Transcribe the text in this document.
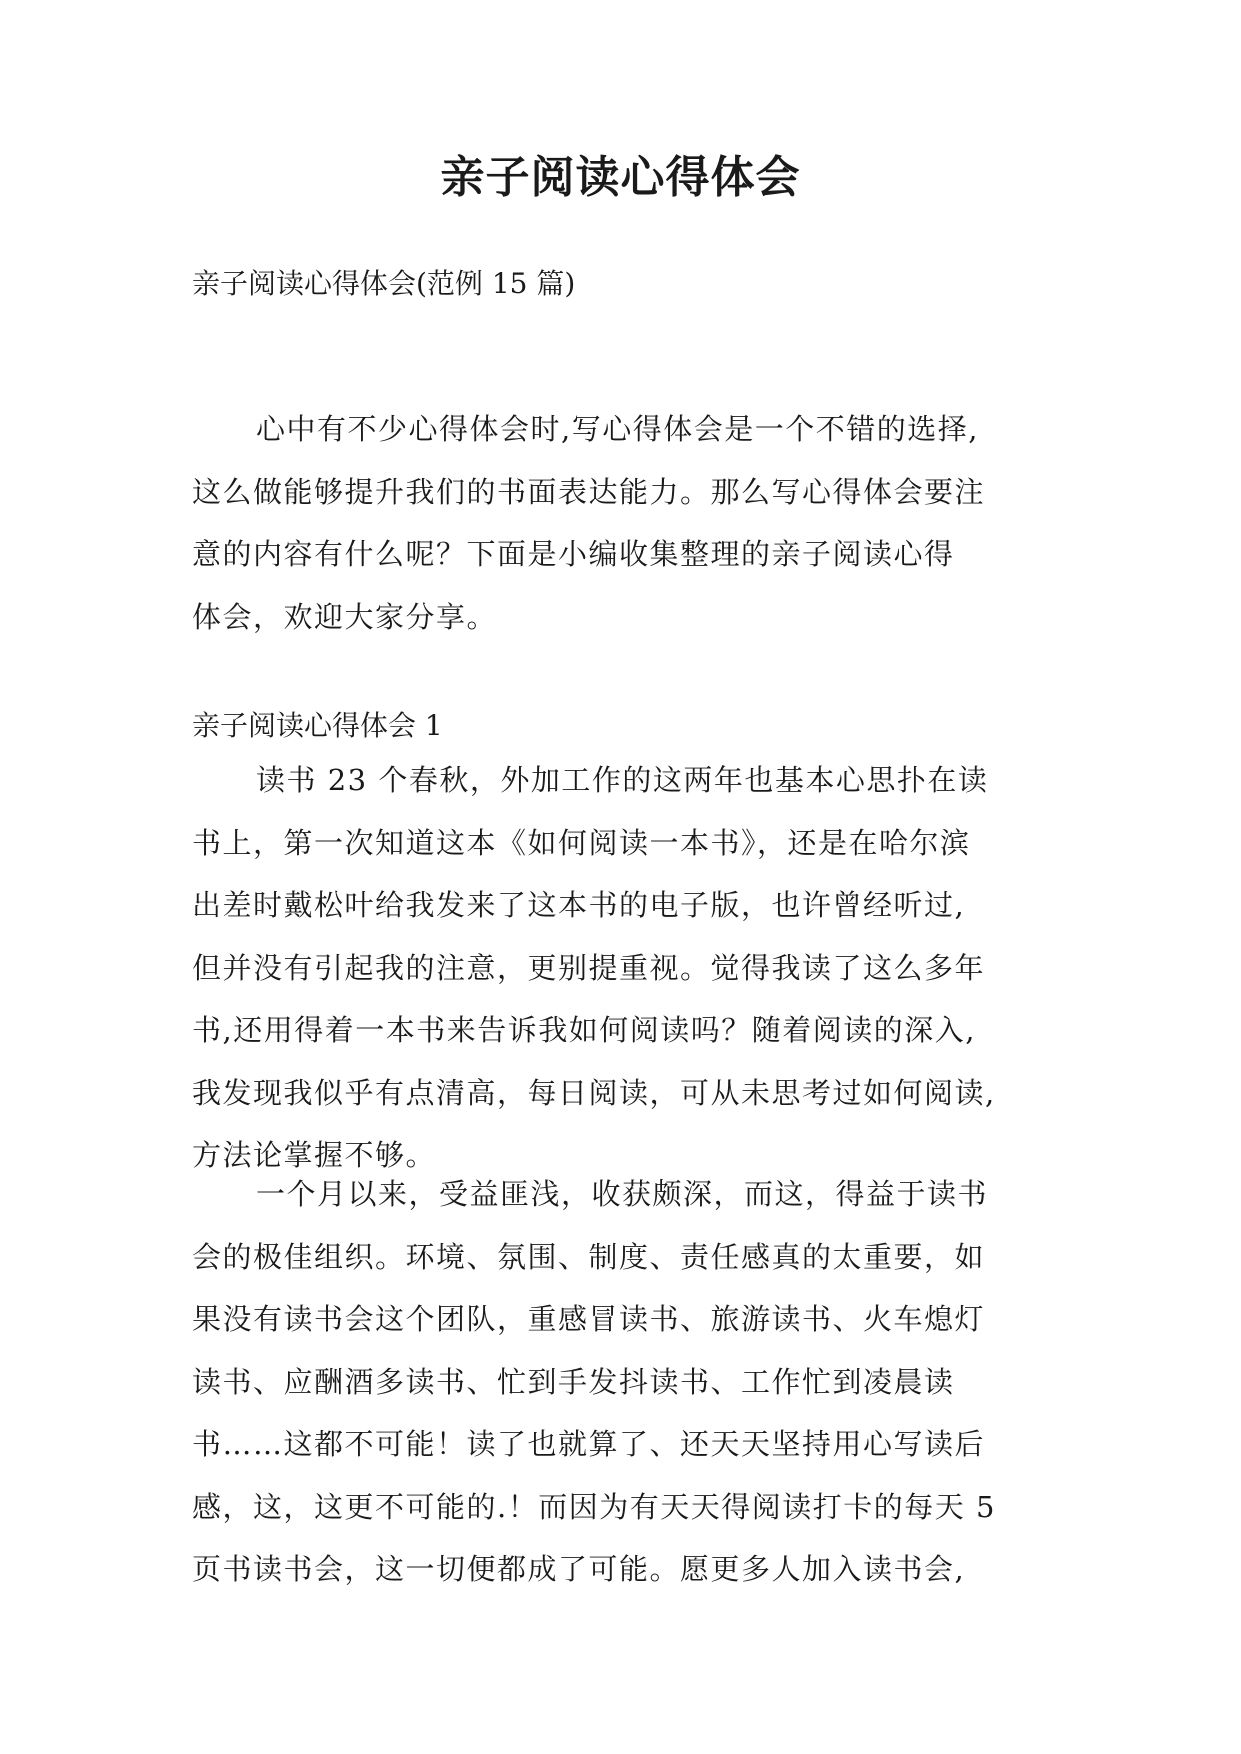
亲子阅读心得体会

亲子阅读心得体会(范例 15 篇)

心中有不少心得体会时,写心得体会是一个不错的选择,
这么做能够提升我们的书面表达能力。那么写心得体会要注
意的内容有什么呢？下面是小编收集整理的亲子阅读心得
体会，欢迎大家分享。

亲子阅读心得体会 1

读书 23 个春秋，外加工作的这两年也基本心思扑在读
书上，第一次知道这本《如何阅读一本书》，还是在哈尔滨
出差时戴松叶给我发来了这本书的电子版，也许曾经听过,
但并没有引起我的注意，更别提重视。觉得我读了这么多年
书,还用得着一本书来告诉我如何阅读吗？随着阅读的深入,
我发现我似乎有点清高，每日阅读，可从未思考过如何阅读,
方法论掌握不够。
一个月以来，受益匪浅，收获颇深，而这，得益于读书
会的极佳组织。环境、氛围、制度、责任感真的太重要，如
果没有读书会这个团队，重感冒读书、旅游读书、火车熄灯
读书、应酬酒多读书、忙到手发抖读书、工作忙到凌晨读
书……这都不可能！读了也就算了、还天天坚持用心写读后
感，这，这更不可能的.！而因为有天天得阅读打卡的每天 5
页书读书会，这一切便都成了可能。愿更多人加入读书会,
